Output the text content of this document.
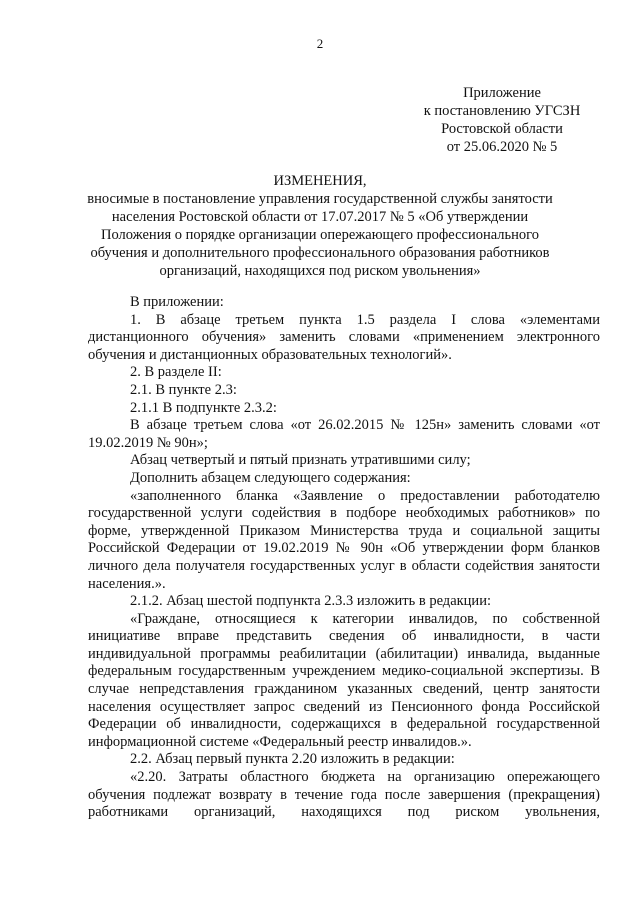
2
Приложение
к постановлению УГСЗН
Ростовской области
от 25.06.2020 № 5
ИЗМЕНЕНИЯ,
вносимые в постановление управления государственной службы занятости населения Ростовской области от 17.07.2017 № 5 «Об утверждении Положения о порядке организации опережающего профессионального обучения и дополнительного профессионального образования работников организаций, находящихся под риском увольнения»

В приложении:

1. В абзаце третьем пункта 1.5 раздела I слова «элементами дистанционного обучения» заменить словами «применением электронного обучения и дистанционных образовательных технологий».

2. В разделе II:

2.1. В пункте 2.3:

2.1.1 В подпункте 2.3.2:

В абзаце третьем слова «от 26.02.2015 № 125н» заменить словами «от 19.02.2019 № 90н»;

Абзац четвертый и пятый признать утратившими силу;

Дополнить абзацем следующего содержания:

«заполненного бланка «Заявление о предоставлении работодателю государственной услуги содействия в подборе необходимых работников» по форме, утвержденной Приказом Министерства труда и социальной защиты Российской Федерации от 19.02.2019 № 90н «Об утверждении форм бланков личного дела получателя государственных услуг в области содействия занятости населения.».

2.1.2. Абзац шестой подпункта 2.3.3 изложить в редакции:

«Граждане, относящиеся к категории инвалидов, по собственной инициативе вправе представить сведения об инвалидности, в части индивидуальной программы реабилитации (абилитации) инвалида, выданные федеральным государственным учреждением медико-социальной экспертизы. В случае непредставления гражданином указанных сведений, центр занятости населения осуществляет запрос сведений из Пенсионного фонда Российской Федерации об инвалидности, содержащихся в федеральной государственной информационной системе «Федеральный реестр инвалидов.».

2.2. Абзац первый пункта 2.20 изложить в редакции:

«2.20. Затраты областного бюджета на организацию опережающего обучения подлежат возврату в течение года после завершения (прекращения) работниками организаций, находящихся под риском увольнения,
